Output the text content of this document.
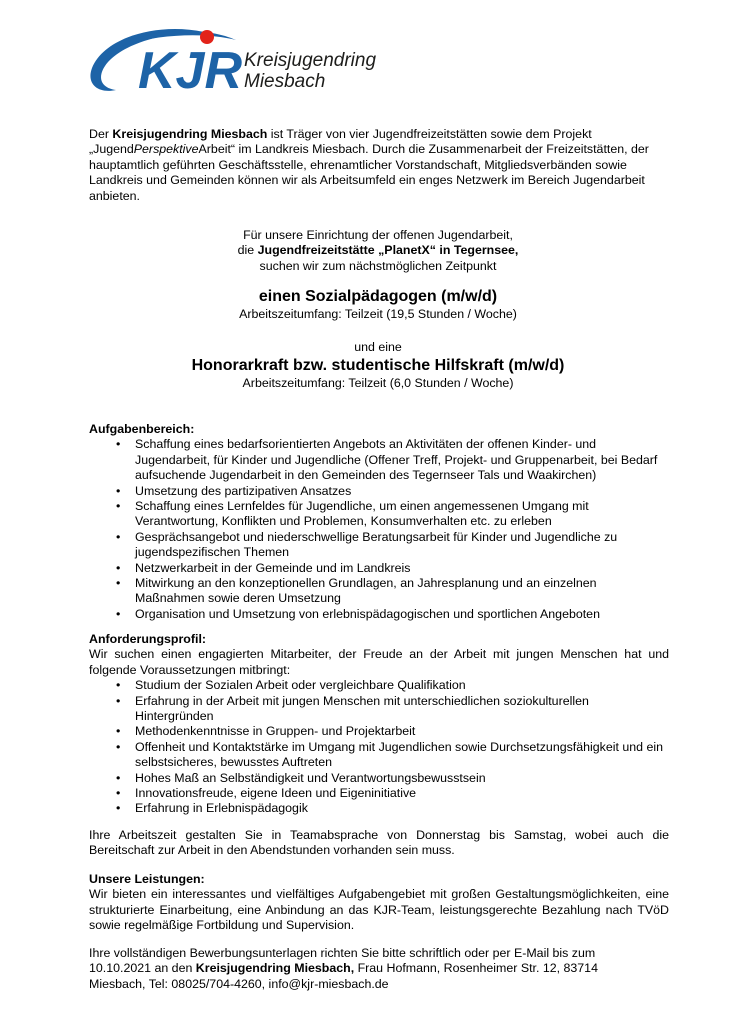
KJR Kreisjugendring
Miesbach
Der Kreisjugendring Miesbach ist Träger von vier Jugendfreizeitstätten sowie dem Projekt „JugendPerspektiveArbeit“ im Landkreis Miesbach. Durch die Zusammenarbeit der Freizeitstätten, der hauptamtlich geführten Geschäftsstelle, ehrenamtlicher Vorstandschaft, Mitgliedsverbänden sowie Landkreis und Gemeinden können wir als Arbeitsumfeld ein enges Netzwerk im Bereich Jugendarbeit anbieten.
Für unsere Einrichtung der offenen Jugendarbeit,
die Jugendfreizeitstätte „PlanetX“ in Tegernsee,
suchen wir zum nächstmöglichen Zeitpunkt
einen Sozialpädagogen (m/w/d)
Arbeitszeitumfang: Teilzeit (19,5 Stunden / Woche)
und eine
Honorarkraft bzw. studentische Hilfskraft (m/w/d)
Arbeitszeitumfang: Teilzeit (6,0 Stunden / Woche)
Aufgabenbereich:
• Schaffung eines bedarfsorientierten Angebots an Aktivitäten der offenen Kinder- und Jugendarbeit, für Kinder und Jugendliche (Offener Treff, Projekt- und Gruppenarbeit, bei Bedarf aufsuchende Jugendarbeit in den Gemeinden des Tegernseer Tals und Waakirchen)
• Umsetzung des partizipativen Ansatzes
• Schaffung eines Lernfeldes für Jugendliche, um einen angemessenen Umgang mit Verantwortung, Konflikten und Problemen, Konsumverhalten etc. zu erleben
• Gesprächsangebot und niederschwellige Beratungsarbeit für Kinder und Jugendliche zu jugendspezifischen Themen
• Netzwerkarbeit in der Gemeinde und im Landkreis
• Mitwirkung an den konzeptionellen Grundlagen, an Jahresplanung und an einzelnen Maßnahmen sowie deren Umsetzung
• Organisation und Umsetzung von erlebnispädagogischen und sportlichen Angeboten
Anforderungsprofil:
Wir suchen einen engagierten Mitarbeiter, der Freude an der Arbeit mit jungen Menschen hat und folgende Voraussetzungen mitbringt:
• Studium der Sozialen Arbeit oder vergleichbare Qualifikation
• Erfahrung in der Arbeit mit jungen Menschen mit unterschiedlichen soziokulturellen Hintergründen
• Methodenkenntnisse in Gruppen- und Projektarbeit
• Offenheit und Kontaktstärke im Umgang mit Jugendlichen sowie Durchsetzungsfähigkeit und ein selbstsicheres, bewusstes Auftreten
• Hohes Maß an Selbständigkeit und Verantwortungsbewusstsein
• Innovationsfreude, eigene Ideen und Eigeninitiative
• Erfahrung in Erlebnispädagogik
Ihre Arbeitszeit gestalten Sie in Teamabsprache von Donnerstag bis Samstag, wobei auch die Bereitschaft zur Arbeit in den Abendstunden vorhanden sein muss.
Unsere Leistungen:
Wir bieten ein interessantes und vielfältiges Aufgabengebiet mit großen Gestaltungsmöglichkeiten, eine strukturierte Einarbeitung, eine Anbindung an das KJR-Team, leistungsgerechte Bezahlung nach TVöD sowie regelmäßige Fortbildung und Supervision.
Ihre vollständigen Bewerbungsunterlagen richten Sie bitte schriftlich oder per E-Mail bis zum 10.10.2021 an den Kreisjugendring Miesbach, Frau Hofmann, Rosenheimer Str. 12, 83714 Miesbach, Tel: 08025/704-4260, info@kjr-miesbach.de
